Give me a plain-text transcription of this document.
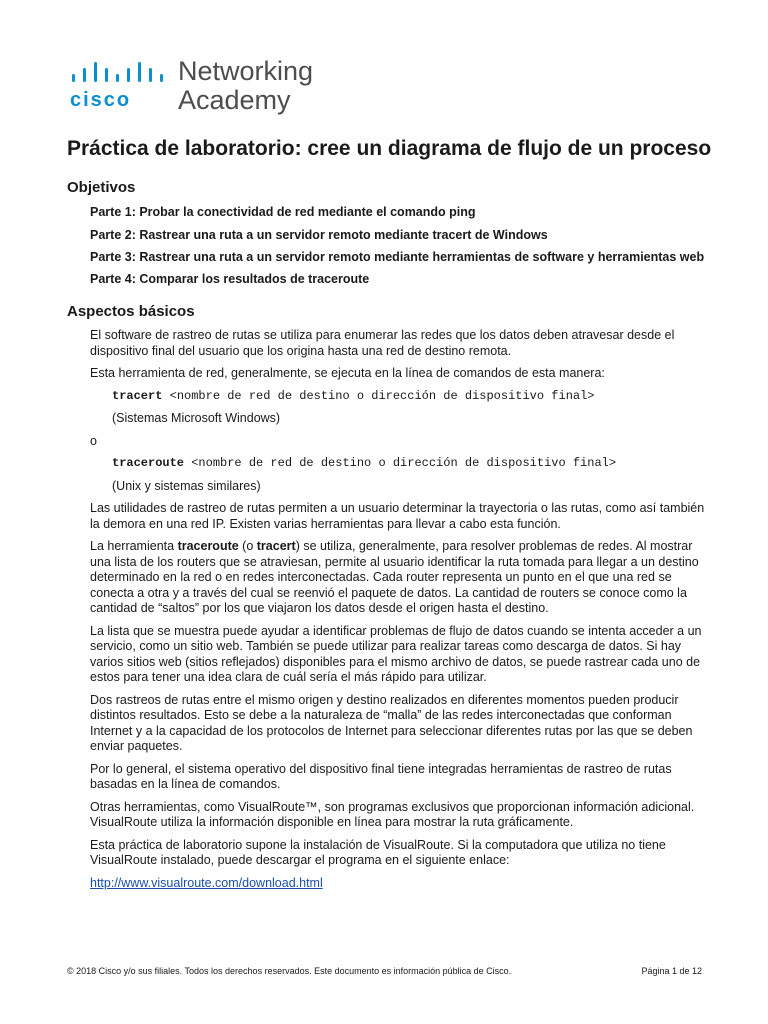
cisco
Networking
Academy
Práctica de laboratorio: cree un diagrama de flujo de un proceso
Objetivos

Parte 1: Probar la conectividad de red mediante el comando ping

Parte 2: Rastrear una ruta a un servidor remoto mediante tracert de Windows

Parte 3: Rastrear una ruta a un servidor remoto mediante herramientas de software y herramientas web

Parte 4: Comparar los resultados de traceroute

Aspectos básicos

El software de rastreo de rutas se utiliza para enumerar las redes que los datos deben atravesar desde el dispositivo final del usuario que los origina hasta una red de destino remota.

Esta herramienta de red, generalmente, se ejecuta en la línea de comandos de esta manera:

tracert <nombre de red de destino o dirección de dispositivo final>

(Sistemas Microsoft Windows)

o

traceroute <nombre de red de destino o dirección de dispositivo final>

(Unix y sistemas similares)

Las utilidades de rastreo de rutas permiten a un usuario determinar la trayectoria o las rutas, como así también la demora en una red IP. Existen varias herramientas para llevar a cabo esta función.

La herramienta traceroute (o tracert) se utiliza, generalmente, para resolver problemas de redes. Al mostrar una lista de los routers que se atraviesan, permite al usuario identificar la ruta tomada para llegar a un destino determinado en la red o en redes interconectadas. Cada router representa un punto en el que una red se conecta a otra y a través del cual se reenvió el paquete de datos. La cantidad de routers se conoce como la cantidad de “saltos” por los que viajaron los datos desde el origen hasta el destino.

La lista que se muestra puede ayudar a identificar problemas de flujo de datos cuando se intenta acceder a un servicio, como un sitio web. También se puede utilizar para realizar tareas como descarga de datos. Si hay varios sitios web (sitios reflejados) disponibles para el mismo archivo de datos, se puede rastrear cada uno de estos para tener una idea clara de cuál sería el más rápido para utilizar.

Dos rastreos de rutas entre el mismo origen y destino realizados en diferentes momentos pueden producir distintos resultados. Esto se debe a la naturaleza de “malla” de las redes interconectadas que conforman Internet y a la capacidad de los protocolos de Internet para seleccionar diferentes rutas por las que se deben enviar paquetes.

Por lo general, el sistema operativo del dispositivo final tiene integradas herramientas de rastreo de rutas basadas en la línea de comandos.

Otras herramientas, como VisualRoute™, son programas exclusivos que proporcionan información adicional. VisualRoute utiliza la información disponible en línea para mostrar la ruta gráficamente.

Esta práctica de laboratorio supone la instalación de VisualRoute. Si la computadora que utiliza no tiene VisualRoute instalado, puede descargar el programa en el siguiente enlace:

http://www.visualroute.com/download.html

© 2018 Cisco y/o sus filiales. Todos los derechos reservados. Este documento es información pública de Cisco.	Página 1 de 12
